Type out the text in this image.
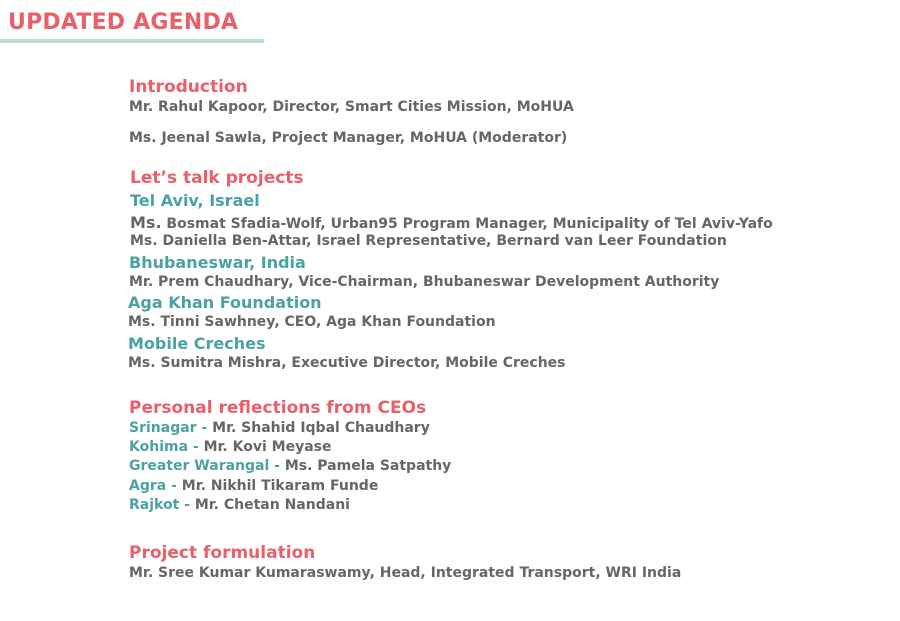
UPDATED AGENDA
Introduction
Mr. Rahul Kapoor, Director, Smart Cities Mission, MoHUA
Ms. Jeenal Sawla, Project Manager, MoHUA (Moderator)
Let’s talk projects
Tel Aviv, Israel
Ms. Bosmat Sfadia-Wolf, Urban95 Program Manager, Municipality of Tel Aviv-Yafo
Ms. Daniella Ben-Attar, Israel Representative, Bernard van Leer Foundation
Bhubaneswar, India
Mr. Prem Chaudhary, Vice-Chairman, Bhubaneswar Development Authority
Aga Khan Foundation
Ms. Tinni Sawhney, CEO, Aga Khan Foundation
Mobile Creches
Ms. Sumitra Mishra, Executive Director, Mobile Creches
Personal reflections from CEOs
Srinagar - Mr. Shahid Iqbal Chaudhary
Kohima - Mr. Kovi Meyase
Greater Warangal - Ms. Pamela Satpathy
Agra - Mr. Nikhil Tikaram Funde
Rajkot - Mr. Chetan Nandani
Project formulation
Mr. Sree Kumar Kumaraswamy, Head, Integrated Transport, WRI India
